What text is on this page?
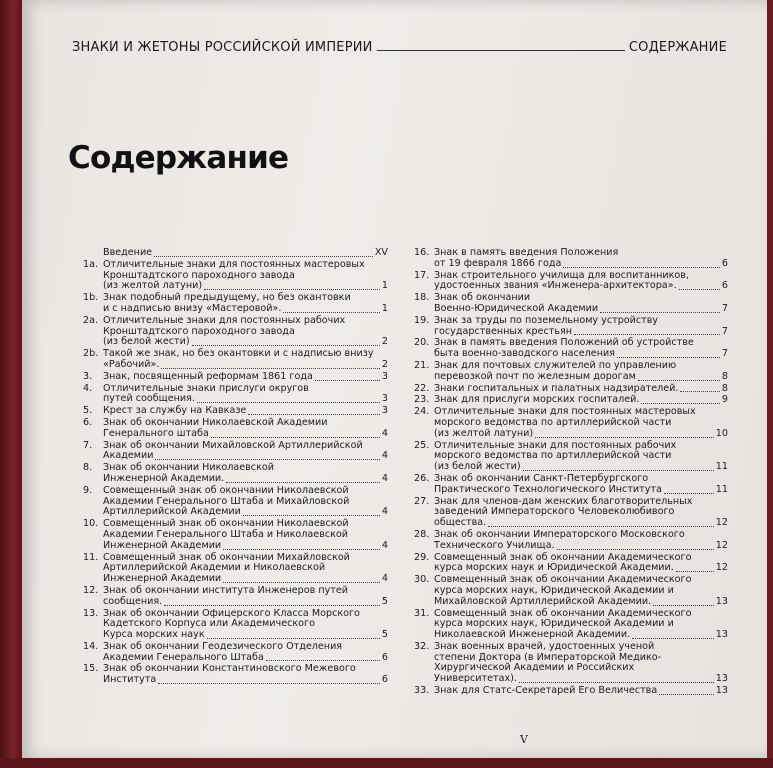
ЗНАКИ И ЖЕТОНЫ РОССИЙСКОЙ ИМПЕРИИ	СОДЕРЖАНИЕ
Содержание
Введение	XV
1a. Отличительные знаки для постоянных мастеровых
Кронштадтского пароходного завода
(из желтой латуни)	1
1b. Знак подобный предыдущему, но без окантовки
и с надписью внизу «Мастеровой».	1
2a. Отличительные знаки для постоянных рабочих
Кронштадтского пароходного завода
(из белой жести)	2
2b. Такой же знак, но без окантовки и с надписью внизу
«Рабочий».	2
3.	Знак, посвященный реформам 1861 года	3
4.	Отличительные знаки прислуги округов
путей сообщения.	3
5.	Крест за службу на Кавказе	3
6.	Знак об окончании Николаевской Академии
Генерального штаба	4
7.	Знак об окончании Михайловской Артиллерийской
Академии	4
8.	Знак об окончании Николаевской
Инженерной Академии.	4
9.	Совмещенный знак об окончании Николаевской
Академии Генерального Штаба и Михайловской
Артиллерийской Академии	4
10. Совмещенный знак об окончании Николаевской
Академии Генерального Штаба и Николаевской
Инженерной Академии	4
11. Совмещенный знак об окончании Михайловской
Артиллерийской Академии и Николаевской
Инженерной Академии	4
12. Знак об окончании института Инженеров путей
сообщения.	5
13. Знак об окончании Офицерского Класса Морского
Кадетского Корпуса или Академического
Курса морских наук	5
14. Знак об окончании Геодезического Отделения
Академии Генерального Штаба	6
15. Знак об окончании Константиновского Межевого
Института	6
16. Знак в память введения Положения
от 19 февраля 1866 года	6
17. Знак строительного училища для воспитанников,
удостоенных звания «Инженера-архитектора».	6
18. Знак об окончании
Военно-Юридической Академии	7
19. Знак за труды по поземельному устройству
государственных крестьян	7
20. Знак в память введения Положений об устройстве
быта военно-заводского населения	7
21. Знак для почтовых служителей по управлению
перевозкой почт по железным дорогам	8
22. Знаки госпитальных и палатных надзирателей.	8
23. Знак для прислуги морских госпиталей.	9
24. Отличительные знаки для постоянных мастеровых
морского ведомства по артиллерийской части
(из желтой латуни)	10
25. Отличительные знаки для постоянных рабочих
морского ведомства по артиллерийской части
(из белой жести)	11
26. Знак об окончании Санкт-Петербургского
Практического Технологического Института	11
27. Знак для членов-дам женских благотворительных
заведений Императорского Человеколюбивого
общества.	12
28. Знак об окончании Императорского Московского
Технического Училища.	12
29. Совмещенный знак об окончании Академического
курса морских наук и Юридической Академии.	12
30. Совмещенный знак об окончании Академического
курса морских наук, Юридической Академии и
Михайловской Артиллерийской Академии.	13
31. Совмещенный знак об окончании Академического
курса морских наук, Юридической Академии и
Николаевской Инженерной Академии.	13
32. Знак военных врачей, удостоенных ученой
степени Доктора (в Императорской Медико-
Хирургической Академии и Российских
Университетах).	13
33. Знак для Статс-Секретарей Его Величества	13
V
